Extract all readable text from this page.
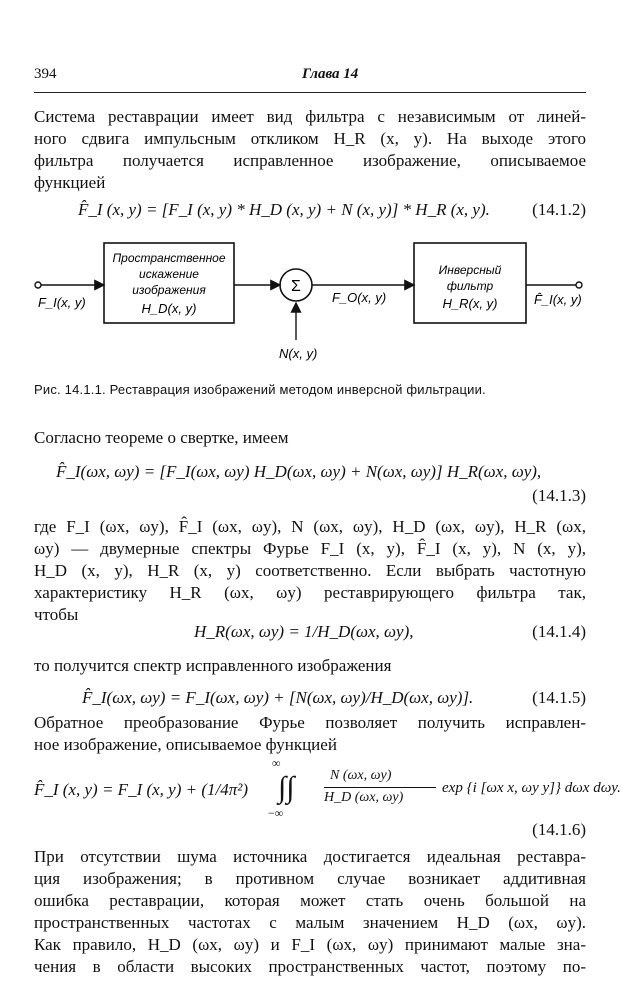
394	Глава 14
Система реставрации имеет вид фильтра с независимым от линей-
ного сдвига импульсным откликом H_R (x, y). На выходе этого
фильтра получается исправленное изображение, описываемое
функцией
F̂_I (x, y) = [F_I (x, y) * H_D (x, y) + N (x, y)] * H_R (x, y). (14.1.2)
F_I(x, y)
Пространственное
искажение
изображения
H_D(x, y)
Σ
N(x, y)
F_O(x, y)
Инверсный
фильтр
H_R(x, y)	F̂_I(x, y)
Рис. 14.1.1. Реставрация изображений методом инверсной фильтрации.
Согласно теореме о свертке, имеем
F̂_I(ωx, ωy) = [F_I(ωx, ωy) H_D(ωx, ωy) + N(ωx, ωy)] H_R(ωx, ωy),
(14.1.3)
где F_I (ωx, ωy), F̂_I (ωx, ωy), N (ωx, ωy), H_D (ωx, ωy), H_R (ωx,
ωy) — двумерные спектры Фурье F_I (x, y), F̂_I (x, y), N (x, y),
H_D (x, y), H_R (x, y) соответственно. Если выбрать частотную
характеристику H_R (ωx, ωy) реставрирующего фильтра так,
чтобы
H_R(ωx, ωy) = 1/H_D(ωx, ωy),	(14.1.4)
то получится спектр исправленного изображения
F̂_I(ωx, ωy) = F_I(ωx, ωy) + [N(ωx, ωy)/H_D(ωx, ωy)].	(14.1.5)
Обратное преобразование Фурье позволяет получить исправлен-
ное изображение, описываемое функцией
F̂_I (x, y) = F_I (x, y) + (1/4π²)
∞
∫∫
−∞
N (ωx, ωy)
H_D (ωx, ωy)
exp {i [ωx x, ωy y]} dωx dωy.
(14.1.6)
При отсутствии шума источника достигается идеальная реставра-
ция изображения; в противном случае возникает аддитивная
ошибка реставрации, которая может стать очень большой на
пространственных частотах с малым значением H_D (ωx, ωy).
Как правило, H_D (ωx, ωy) и F_I (ωx, ωy) принимают малые зна-
чения в области высоких пространственных частот, поэтому по-
